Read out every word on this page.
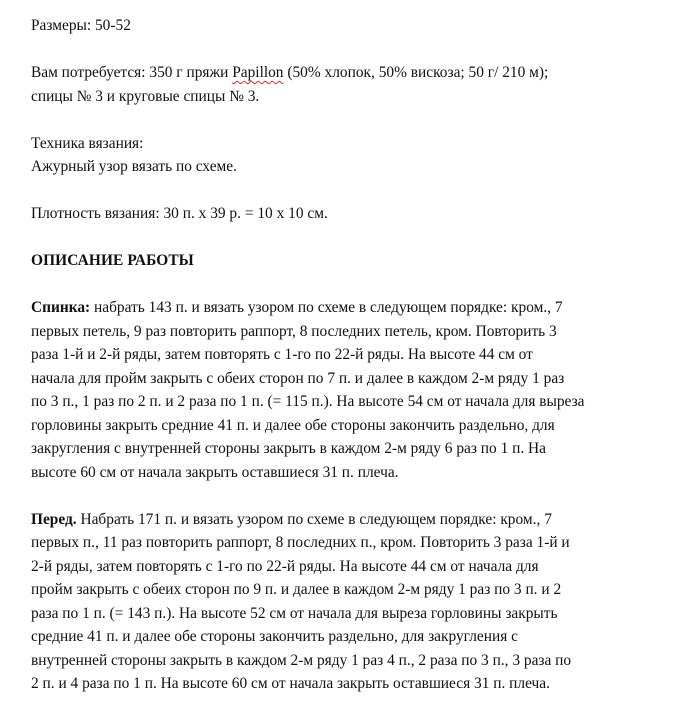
Размеры: 50-52

Вам потребуется: 350 г пряжи Papillon (50% хлопок, 50% вискоза; 50 г/ 210 м);
спицы № 3 и круговые спицы № 3.

Техника вязания:
Ажурный узор вязать по схеме.

Плотность вязания: 30 п. х 39 р. = 10 х 10 см.

ОПИСАНИЕ РАБОТЫ

Спинка: набрать 143 п. и вязать узором по схеме в следующем порядке: кром., 7
первых петель, 9 раз повторить раппорт, 8 последних петель, кром. Повторить 3
раза 1-й и 2-й ряды, затем повторять с 1-го по 22-й ряды. На высоте 44 см от
начала для пройм закрыть с обеих сторон по 7 п. и далее в каждом 2-м ряду 1 раз
по 3 п., 1 раз по 2 п. и 2 раза по 1 п. (= 115 п.). На высоте 54 см от начала для выреза
горловины закрыть средние 41 п. и далее обе стороны закончить раздельно, для
закругления с внутренней стороны закрыть в каждом 2-м ряду 6 раз по 1 п. На
высоте 60 см от начала закрыть оставшиеся 31 п. плеча.

Перед. Набрать 171 п. и вязать узором по схеме в следующем порядке: кром., 7
первых п., 11 раз повторить раппорт, 8 последних п., кром. Повторить 3 раза 1-й и
2-й ряды, затем повторять с 1-го по 22-й ряды. На высоте 44 см от начала для
пройм закрыть с обеих сторон по 9 п. и далее в каждом 2-м ряду 1 раз по 3 п. и 2
раза по 1 п. (= 143 п.). На высоте 52 см от начала для выреза горловины закрыть
средние 41 п. и далее обе стороны закончить раздельно, для закругления с
внутренней стороны закрыть в каждом 2-м ряду 1 раз 4 п., 2 раза по 3 п., 3 раза по
2 п. и 4 раза по 1 п. На высоте 60 см от начала закрыть оставшиеся 31 п. плеча.
